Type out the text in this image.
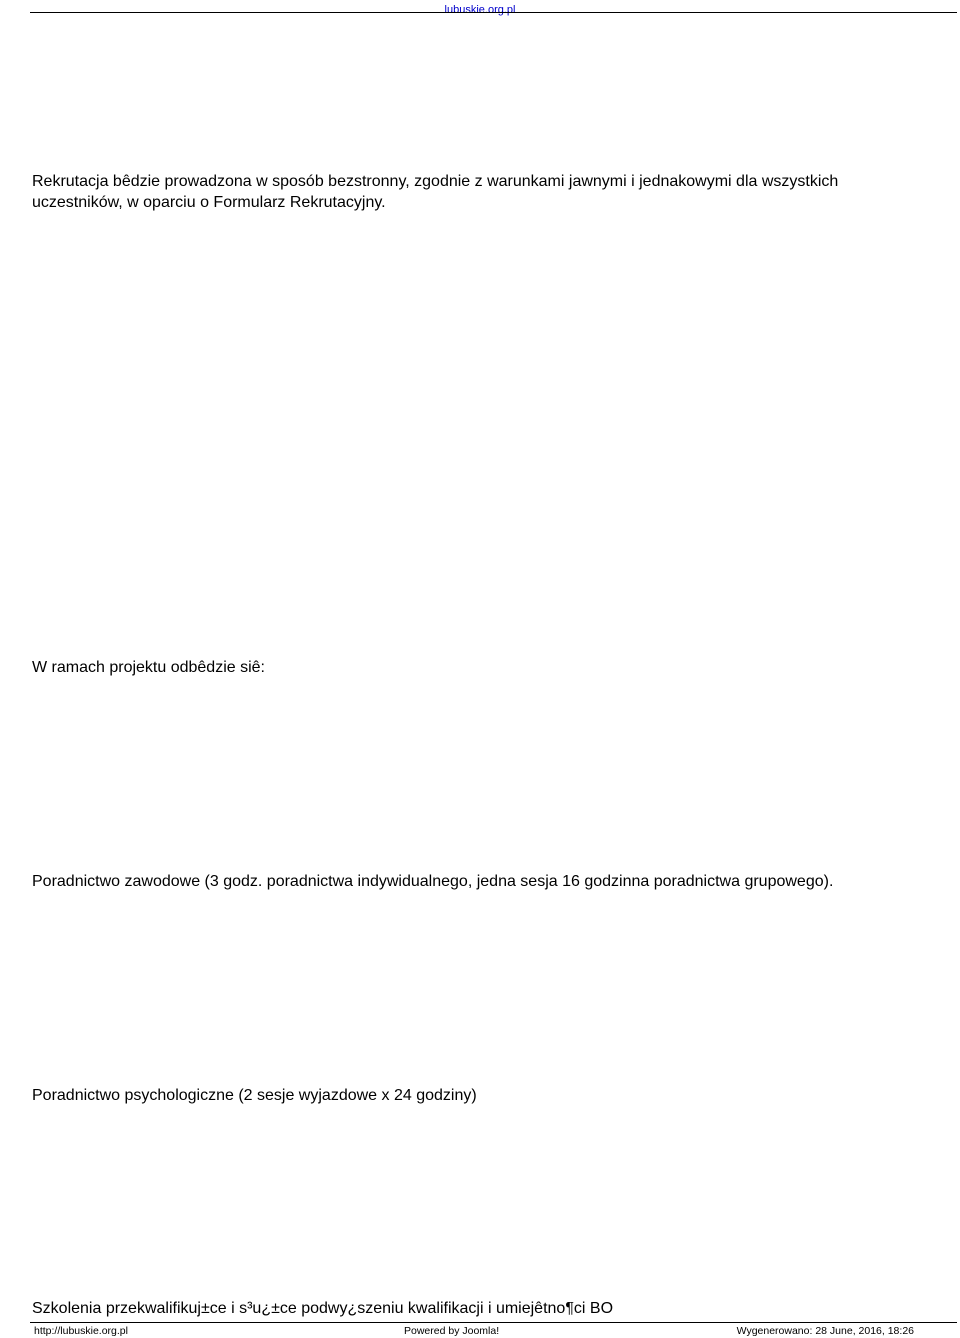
lubuskie.org.pl

Rekrutacja bêdzie prowadzona w sposób bezstronny, zgodnie z warunkami jawnymi i jednakowymi dla wszystkich uczestników, w oparciu o Formularz Rekrutacyjny.

W ramach projektu odbêdzie siê:

Poradnictwo zawodowe (3 godz. poradnictwa indywidualnego, jedna sesja 16 godzinna poradnictwa grupowego).

Poradnictwo psychologiczne (2 sesje wyjazdowe x 24 godziny)

Szkolenia przekwalifikuj±ce i s³u¿±ce podwy¿szeniu kwalifikacji i umiejêtno¶ci BO

http://lubuskie.org.pl	Powered by Joomla!	Wygenerowano: 28 June, 2016, 18:26
